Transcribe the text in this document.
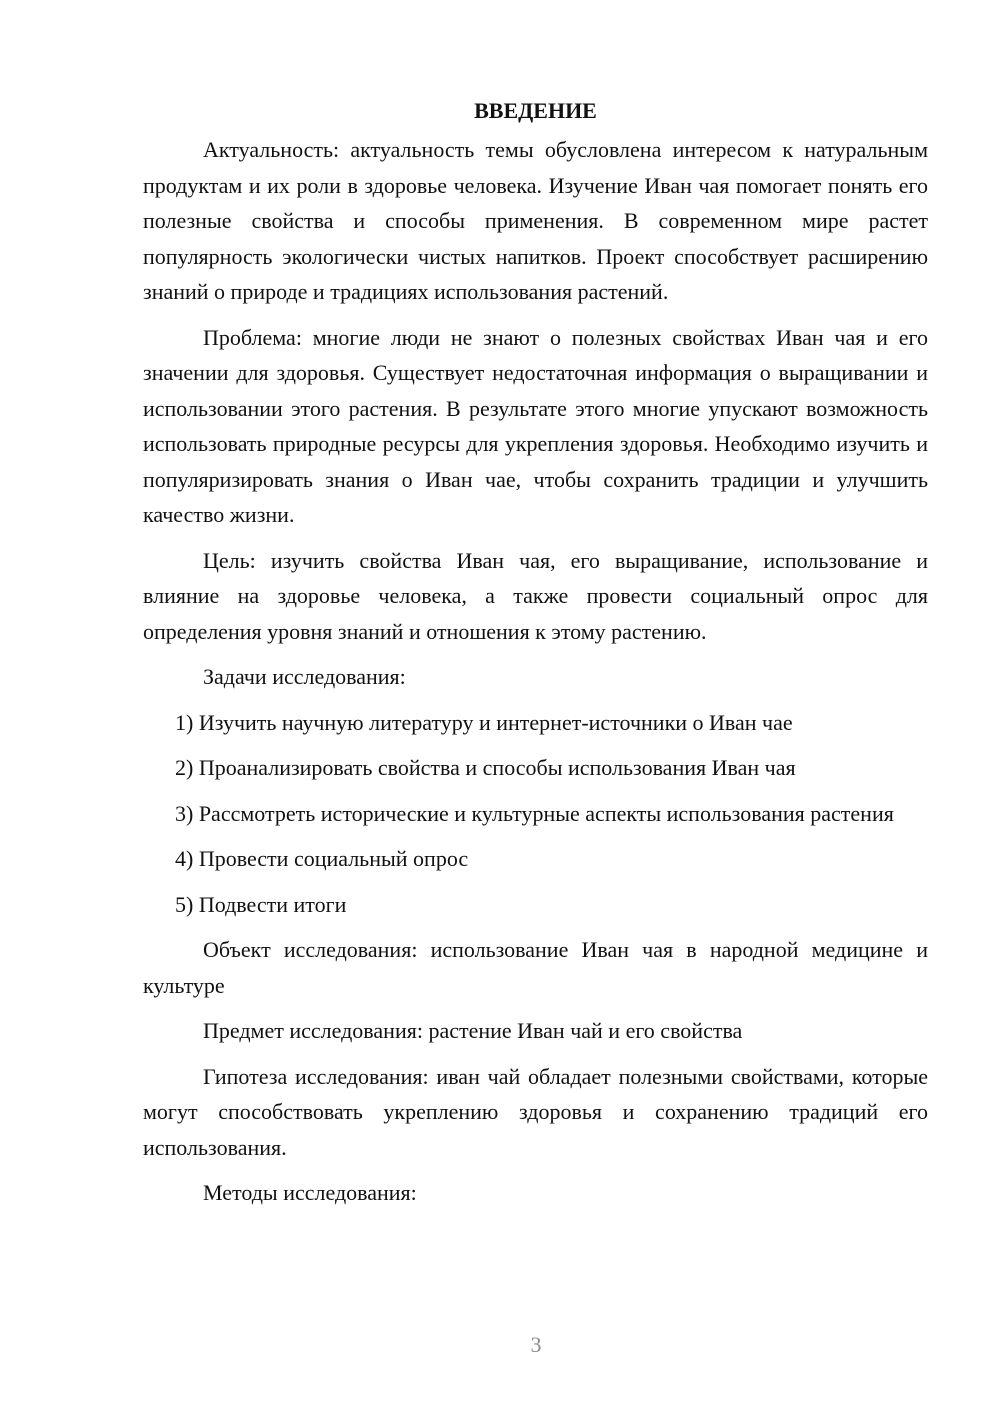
ВВЕДЕНИЕ

Актуальность: актуальность темы обусловлена интересом к натуральным продуктам и их роли в здоровье человека. Изучение Иван чая помогает понять его полезные свойства и способы применения. В современном мире растет популярность экологически чистых напитков. Проект способствует расширению знаний о природе и традициях использования растений.

Проблема: многие люди не знают о полезных свойствах Иван чая и его значении для здоровья. Существует недостаточная информация о выращивании и использовании этого растения. В результате этого многие упускают возможность использовать природные ресурсы для укрепления здоровья. Необходимо изучить и популяризировать знания о Иван чае, чтобы сохранить традиции и улучшить качество жизни.

Цель: изучить свойства Иван чая, его выращивание, использование и влияние на здоровье человека, а также провести социальный опрос для определения уровня знаний и отношения к этому растению.

Задачи исследования:

1) Изучить научную литературу и интернет-источники о Иван чае

2) Проанализировать свойства и способы использования Иван чая

3) Рассмотреть исторические и культурные аспекты использования растения

4) Провести социальный опрос

5) Подвести итоги

Объект исследования: использование Иван чая в народной медицине и культуре

Предмет исследования: растение Иван чай и его свойства

Гипотеза исследования: иван чай обладает полезными свойствами, которые могут способствовать укреплению здоровья и сохранению традиций его использования.

Методы исследования:

3
